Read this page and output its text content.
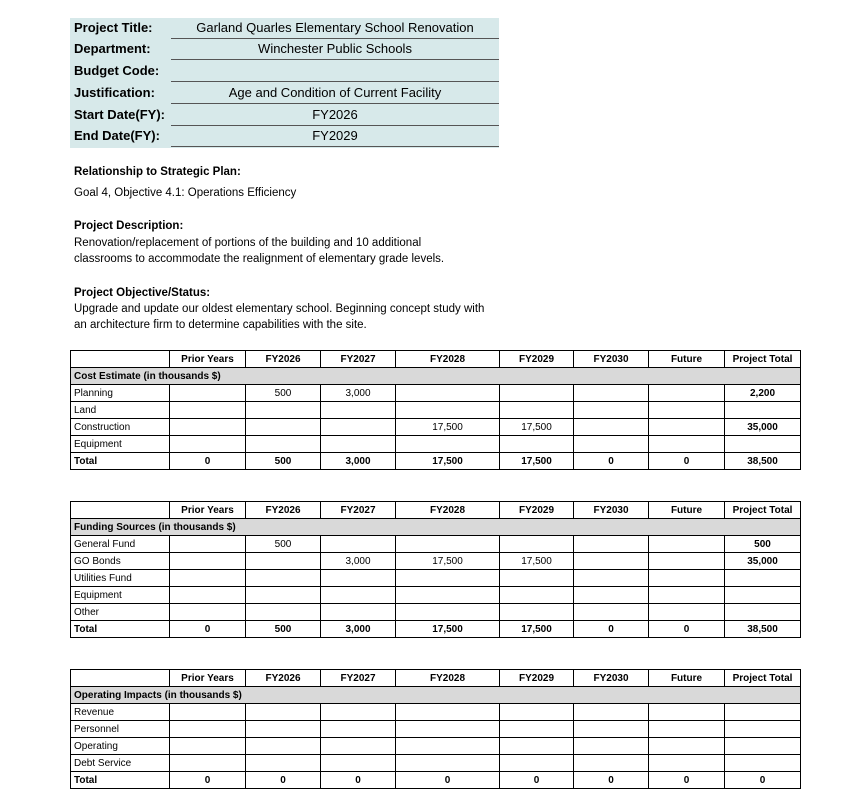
Project Title:	Garland Quarles Elementary School Renovation
Department:	Winchester Public Schools
Budget Code:
Justification:	Age and Condition of Current Facility
Start Date(FY):	FY2026
End Date(FY):	FY2029
Relationship to Strategic Plan:
Goal 4, Objective 4.1: Operations Efficiency
Project Description:
Renovation/replacement of portions of the building and 10 additional
classrooms to accommodate the realignment of elementary grade levels.
Project Objective/Status:
Upgrade and update our oldest elementary school. Beginning concept study with
an architecture firm to determine capabilities with the site.
	Prior Years	FY2026	FY2027	FY2028	FY2029	FY2030	Future	Project Total
Cost Estimate (in thousands $)								
Planning		500	3,000					2,200
Land								
Construction				17,500	17,500			35,000
Equipment								
Total	0	500	3,000	17,500	17,500	0	0	38,500
	Prior Years	FY2026	FY2027	FY2028	FY2029	FY2030	Future	Project Total
Funding Sources (in thousands $)								
General Fund		500						500
GO Bonds			3,000	17,500	17,500			35,000
Utilities Fund								
Equipment								
Other								
Total	0	500	3,000	17,500	17,500	0	0	38,500
	Prior Years	FY2026	FY2027	FY2028	FY2029	FY2030	Future	Project Total
Operating Impacts (in thousands $)								
Revenue								
Personnel								
Operating								
Debt Service								
Total	0	0	0	0	0	0	0	0
